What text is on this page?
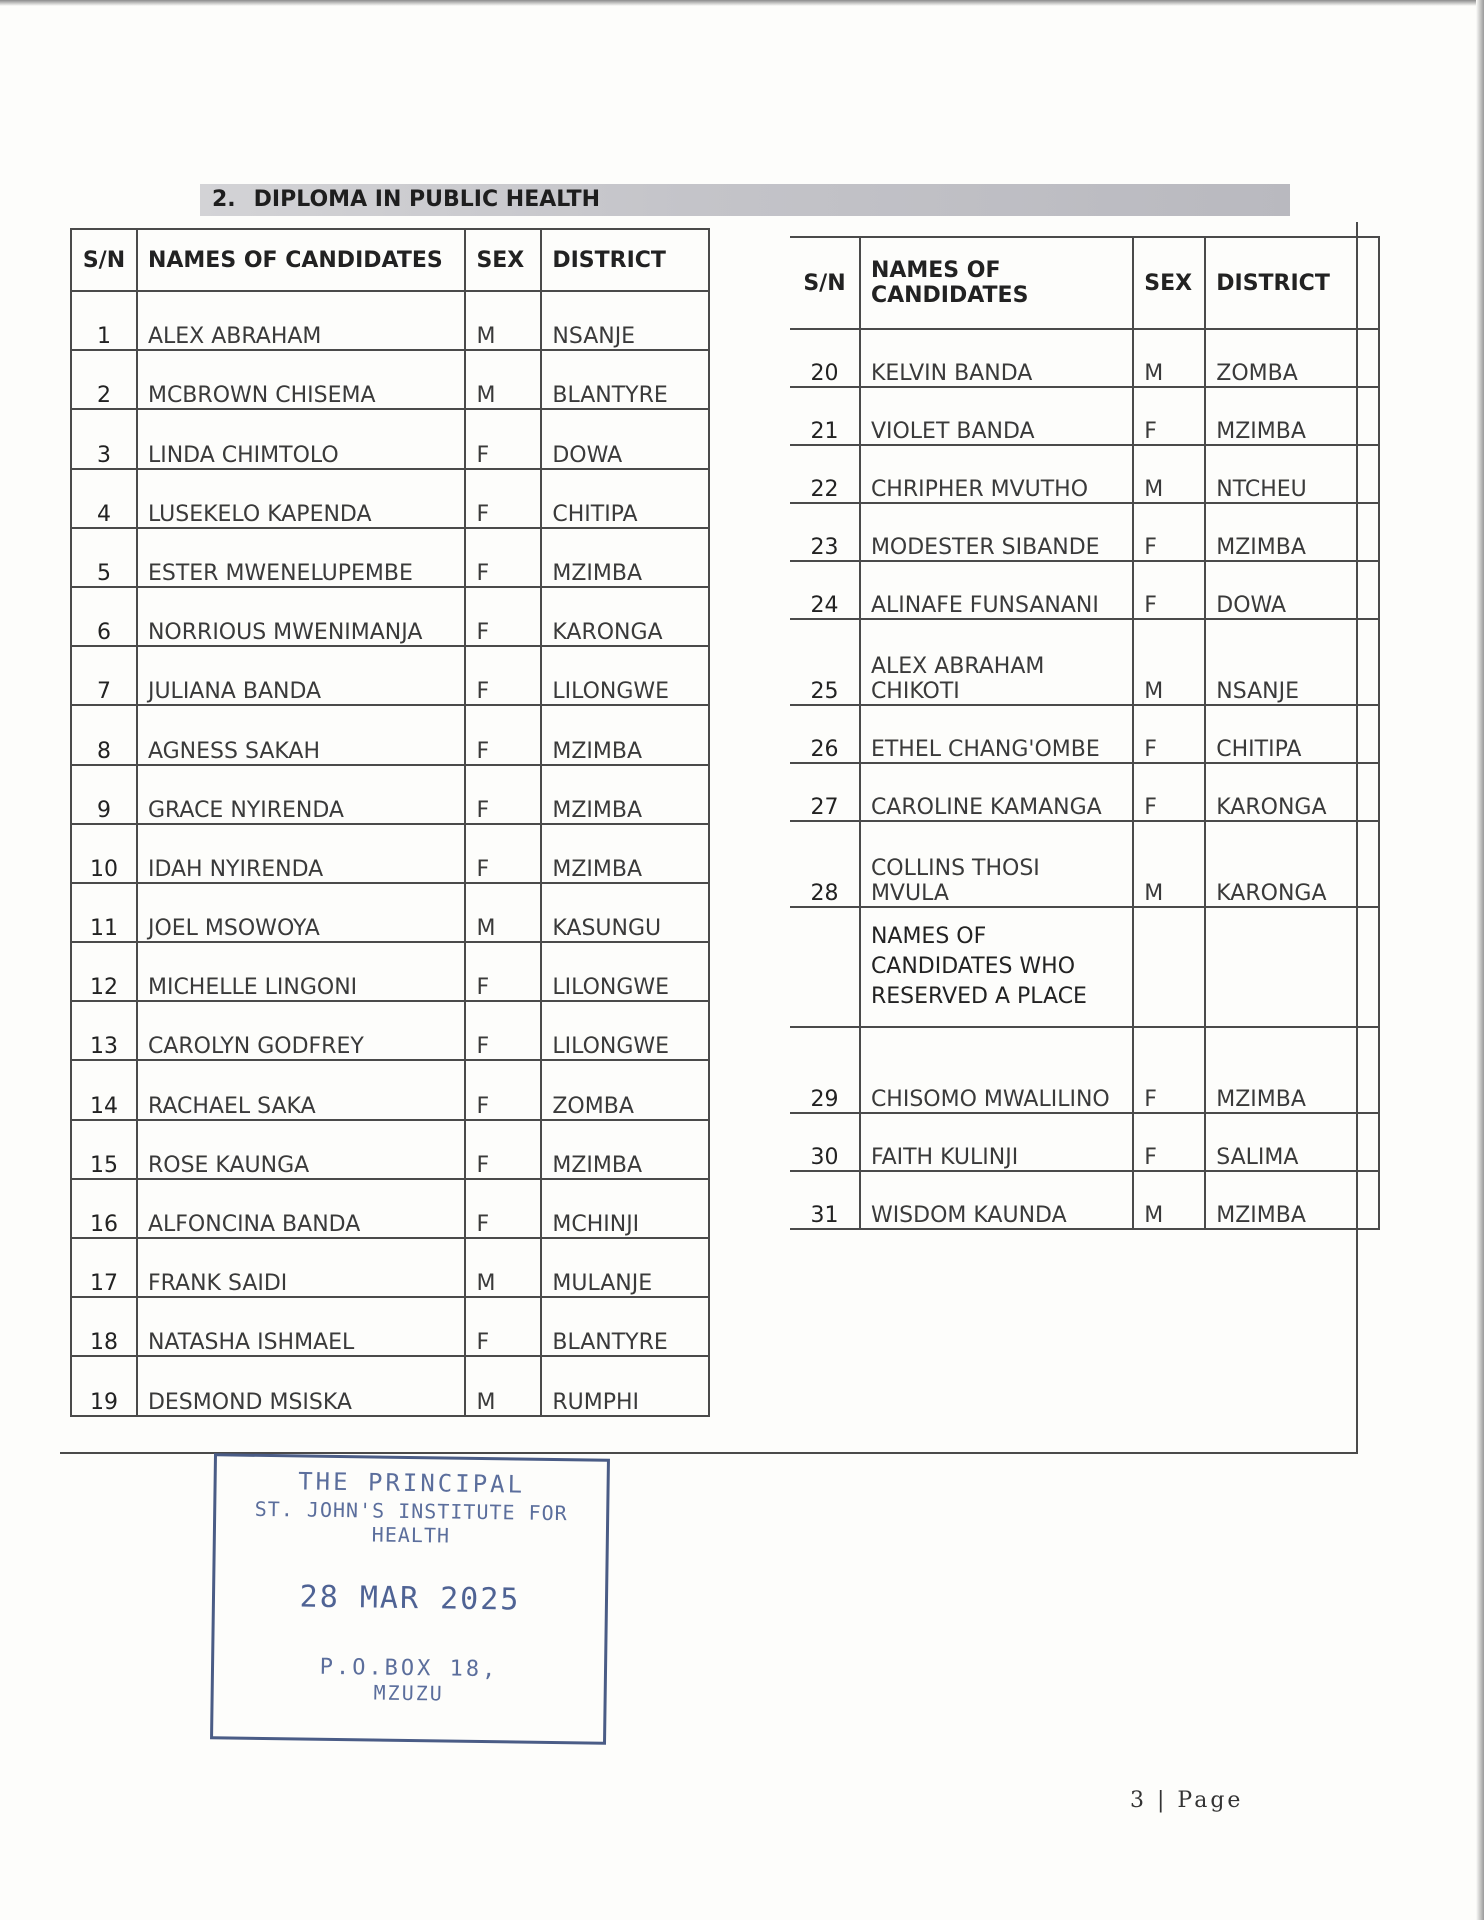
2. DIPLOMA IN PUBLIC HEALTH
S/N	NAMES OF CANDIDATES	SEX	DISTRICT
1	ALEX ABRAHAM	M	NSANJE
2	MCBROWN CHISEMA	M	BLANTYRE
3	LINDA CHIMTOLO	F	DOWA
4	LUSEKELO KAPENDA	F	CHITIPA
5	ESTER MWENELUPEMBE	F	MZIMBA
6	NORRIOUS MWENIMANJA	F	KARONGA
7	JULIANA BANDA	F	LILONGWE
8	AGNESS SAKAH	F	MZIMBA
9	GRACE NYIRENDA	F	MZIMBA
10	IDAH NYIRENDA	F	MZIMBA
11	JOEL MSOWOYA	M	KASUNGU
12	MICHELLE LINGONI	F	LILONGWE
13	CAROLYN GODFREY	F	LILONGWE
14	RACHAEL SAKA	F	ZOMBA
15	ROSE KAUNGA	F	MZIMBA
16	ALFONCINA BANDA	F	MCHINJI
17	FRANK SAIDI	M	MULANJE
18	NATASHA ISHMAEL	F	BLANTYRE
19	DESMOND MSISKA	M	RUMPHI
S/N	NAMES OF CANDIDATES	SEX	DISTRICT
20	KELVIN BANDA	M	ZOMBA
21	VIOLET BANDA	F	MZIMBA
22	CHRIPHER MVUTHO	M	NTCHEU
23	MODESTER SIBANDE	F	MZIMBA
24	ALINAFE FUNSANANI	F	DOWA
25	ALEX ABRAHAM CHIKOTI	M	NSANJE
26	ETHEL CHANG'OMBE	F	CHITIPA
27	CAROLINE KAMANGA	F	KARONGA
28	COLLINS THOSI MVULA	M	KARONGA
	NAMES OF CANDIDATES WHO RESERVED A PLACE		
29	CHISOMO MWALILINO	F	MZIMBA
30	FAITH KULINJI	F	SALIMA
31	WISDOM KAUNDA	M	MZIMBA
THE PRINCIPAL
ST. JOHN'S INSTITUTE FOR HEALTH
28 MAR 2025
P.O.BOX 18,
MZUZU
3 | Page
